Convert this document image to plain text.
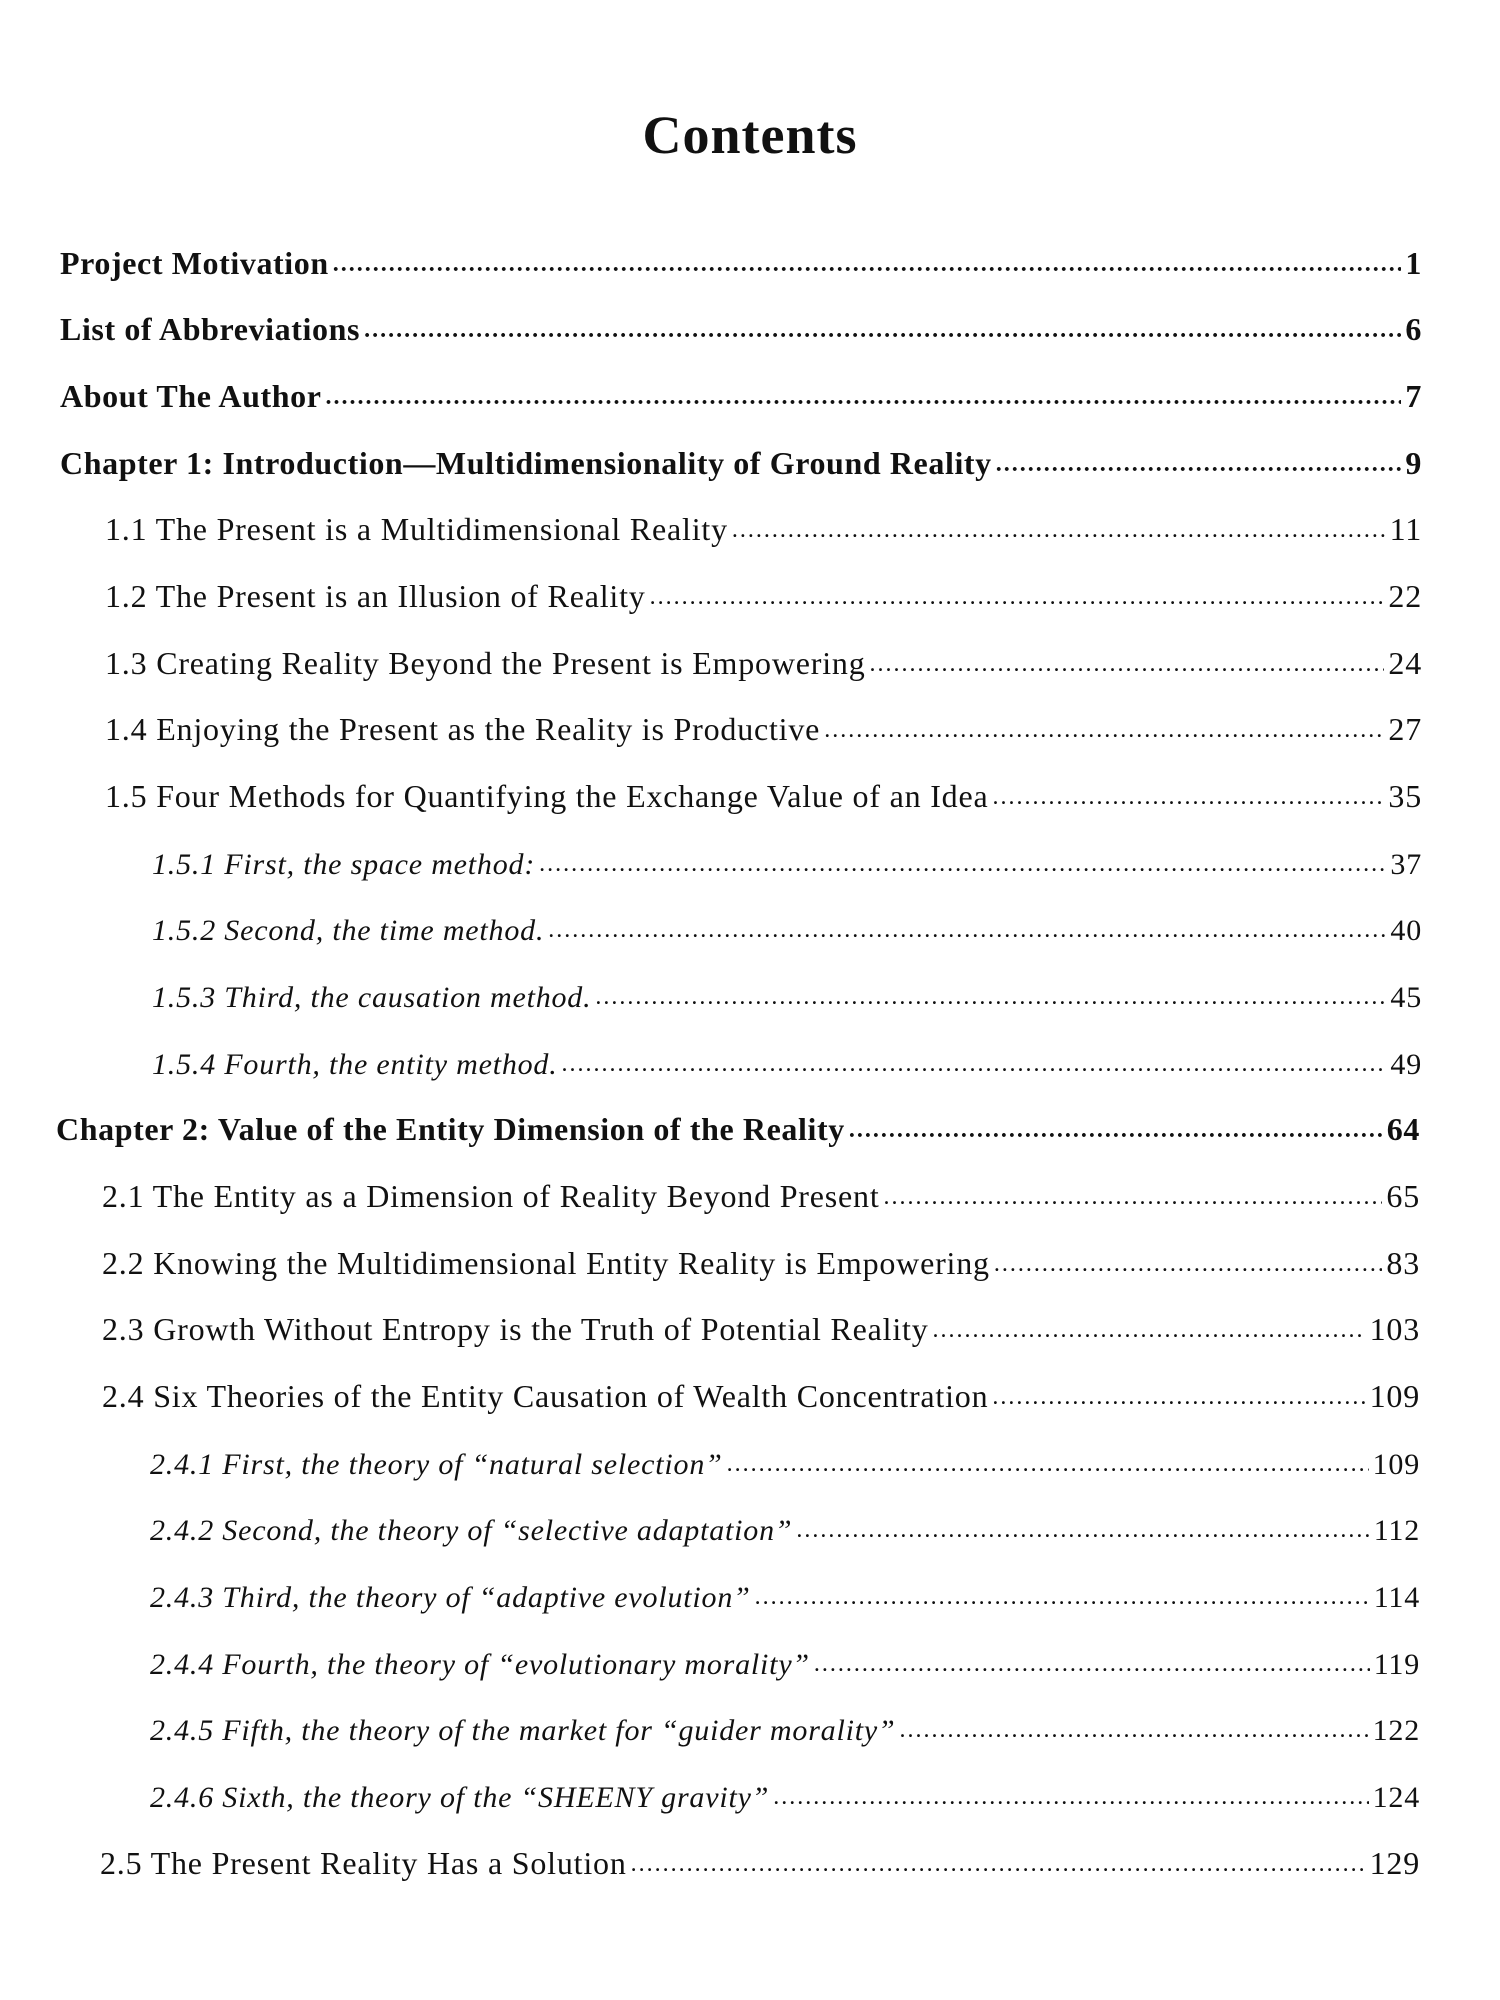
Contents
Project Motivation .....	1
List of Abbreviations .....	6
About The Author .....	7
Chapter 1: Introduction—Multidimensionality of Ground Reality .....	9
1.1 The Present is a Multidimensional Reality .....	11
1.2 The Present is an Illusion of Reality .....	22
1.3 Creating Reality Beyond the Present is Empowering .....	24
1.4 Enjoying the Present as the Reality is Productive .....	27
1.5 Four Methods for Quantifying the Exchange Value of an Idea .....	35
1.5.1 First, the space method: .....	37
1.5.2 Second, the time method. .....	40
1.5.3 Third, the causation method. .....	45
1.5.4 Fourth, the entity method. .....	49
Chapter 2: Value of the Entity Dimension of the Reality .....	64
2.1 The Entity as a Dimension of Reality Beyond Present .....	65
2.2 Knowing the Multidimensional Entity Reality is Empowering .....	83
2.3 Growth Without Entropy is the Truth of Potential Reality .....	103
2.4 Six Theories of the Entity Causation of Wealth Concentration .....	109
2.4.1 First, the theory of “natural selection” .....	109
2.4.2 Second, the theory of “selective adaptation” .....	112
2.4.3 Third, the theory of “adaptive evolution” .....	114
2.4.4 Fourth, the theory of “evolutionary morality” .....	119
2.4.5 Fifth, the theory of the market for “guider morality” .....	122
2.4.6 Sixth, the theory of the “SHEENY gravity” .....	124
2.5 The Present Reality Has a Solution .....	129
